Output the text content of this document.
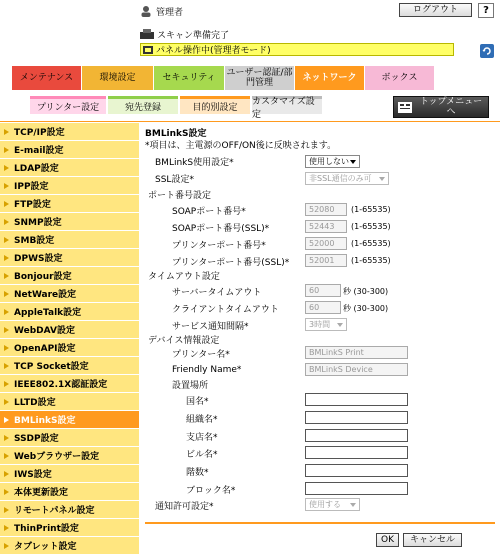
管理者	ログアウト	?
スキャン準備完了
パネル操作中(管理者モード)
メンテナンス	環境設定	セキュリティ	ユーザー認証/部門管理	ネットワーク	ボックス
プリンター設定	宛先登録	目的別設定
カスタマイズ設定
トップメニューへ
TCP/IP設定
E-mail設定
LDAP設定
IPP設定
FTP設定
SNMP設定
SMB設定
DPWS設定
Bonjour設定
NetWare設定
AppleTalk設定
WebDAV設定
OpenAPI設定
TCP Socket設定
IEEE802.1X認証設定
LLTD設定
BMLinkS設定
SSDP設定
Webブラウザー設定
IWS設定
本体更新設定
リモートパネル設定
ThinPrint設定
タブレット設定
BMLinkS設定
*項目は、主電源のOFF/ON後に反映されます。
BMLinkS使用設定*	使用しない
SSL設定*	非SSL通信のみ可
ポート番号設定
SOAPポート番号*	52080	(1-65535)
SOAPポート番号(SSL)*	52443	(1-65535)
プリンターポート番号*	52000	(1-65535)
プリンターポート番号(SSL)*	52001	(1-65535)
タイムアウト設定
サーバータイムアウト	60	秒 (30-300)
クライアントタイムアウト	60	秒 (30-300)
サービス通知間隔*	3時間
デバイス情報設定
プリンター名*	BMLinkS Print
Friendly Name*	BMLinkS Device
設置場所
国名*
組織名*
支店名*
ビル名*
階数*
ブロック名*
通知許可設定*	使用する
OK	キャンセル
